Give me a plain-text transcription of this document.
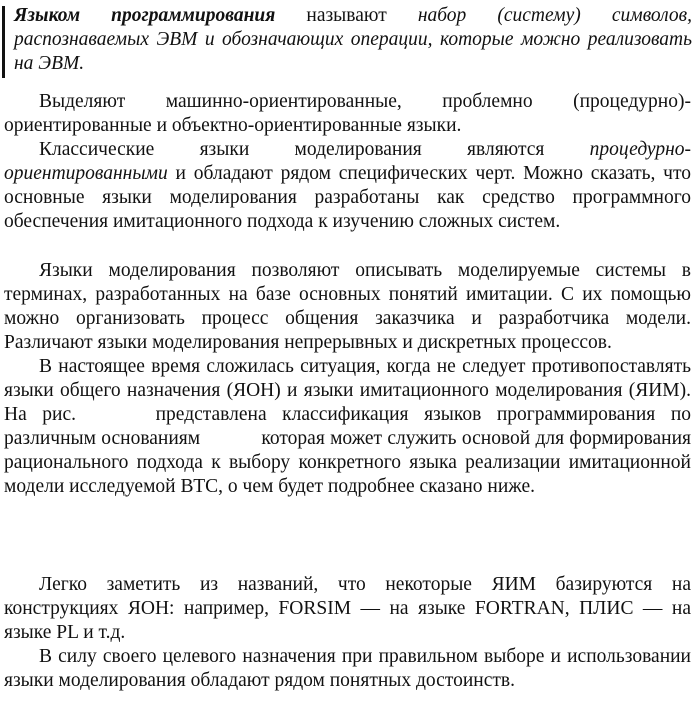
Языком программирования называют набор (систему) символов, распознаваемых ЭВМ и обозначающих операции, которые можно реализовать на ЭВМ.

Выделяют машинно-ориентированные, проблемно (процедурно)-ориентированные и объектно-ориентированные языки.

Классические языки моделирования являются процедурно-ориентированными и обладают рядом специфических черт. Можно сказать, что основные языки моделирования разработаны как средство программного обеспечения имитационного подхода к изучению сложных систем.

Языки моделирования позволяют описывать моделируемые системы в терминах, разработанных на базе основных понятий имитации. С их помощью можно организовать процесс общения заказчика и разработчика модели. Различают языки моделирования непрерывных и дискретных процессов.

В настоящее время сложилась ситуация, когда не следует противопоставлять языки общего назначения (ЯОН) и языки имитационного моделирования (ЯИМ). На рис.	представлена классификация языков программирования по различным основаниям	которая может служить основой для формирования рационального подхода к выбору конкретного языка реализации имитационной модели исследуемой ВТС, о чем будет подробнее сказано ниже.

Легко заметить из названий, что некоторые ЯИМ базируются на конструкциях ЯОН: например, FORSIM — на языке FORTRAN, ПЛИС — на языке PL и т.д.

В силу своего целевого назначения при правильном выборе и использовании языки моделирования обладают рядом понятных достоинств.
